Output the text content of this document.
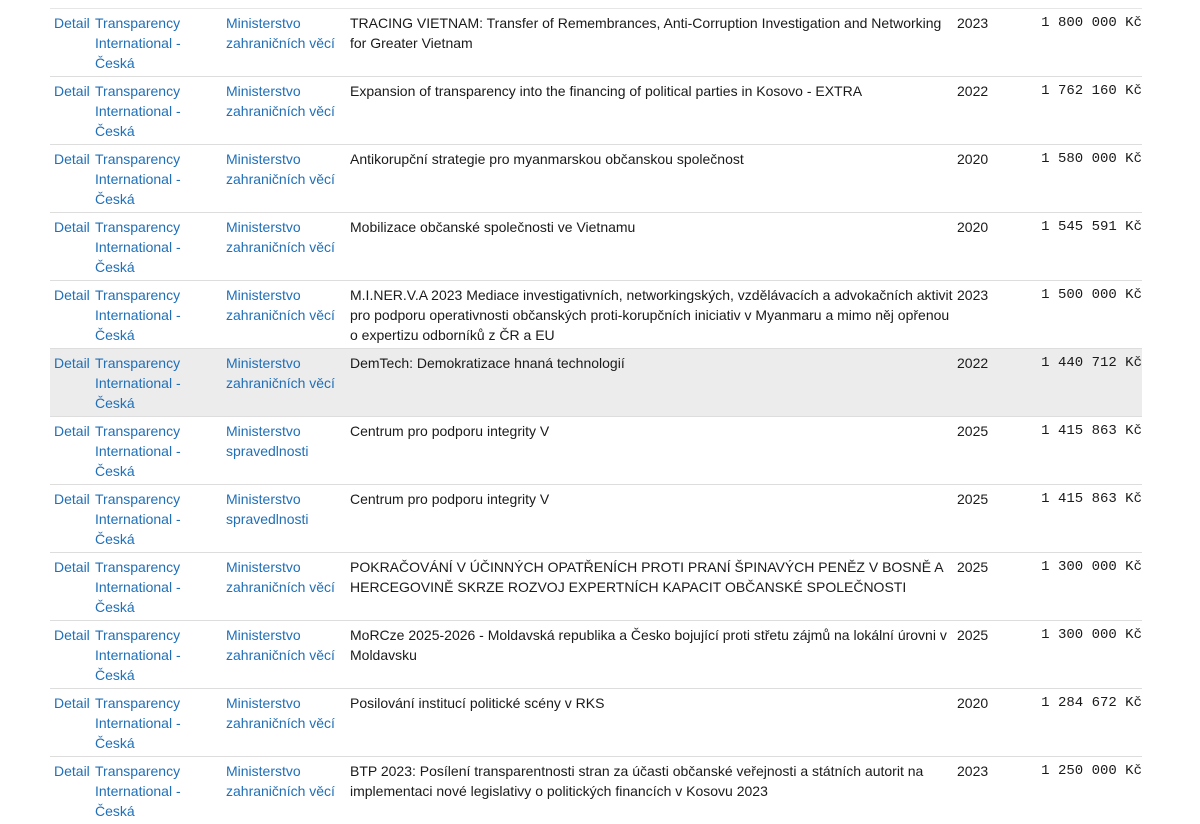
Detail	Transparency International - Česká	Ministerstvo zahraničních věcí	TRACING VIETNAM: Transfer of Remembrances, Anti-Corruption Investigation and Networking for Greater Vietnam	2023	1 800 000 Kč
Detail	Transparency International - Česká	Ministerstvo zahraničních věcí	Expansion of transparency into the financing of political parties in Kosovo - EXTRA	2022	1 762 160 Kč
Detail	Transparency International - Česká	Ministerstvo zahraničních věcí	Antikorupční strategie pro myanmarskou občanskou společnost	2020	1 580 000 Kč
Detail	Transparency International - Česká	Ministerstvo zahraničních věcí	Mobilizace občanské společnosti ve Vietnamu	2020	1 545 591 Kč
Detail	Transparency International - Česká	Ministerstvo zahraničních věcí	M.I.NER.V.A 2023 Mediace investigativních, networkingských, vzdělávacích a advokačních aktivit pro podporu operativnosti občanských proti-korupčních iniciativ v Myanmaru a mimo něj opřenou o expertizu odborníků z ČR a EU	2023	1 500 000 Kč
Detail	Transparency International - Česká	Ministerstvo zahraničních věcí	DemTech: Demokratizace hnaná technologií	2022	1 440 712 Kč
Detail	Transparency International - Česká	Ministerstvo spravedlnosti	Centrum pro podporu integrity V	2025	1 415 863 Kč
Detail	Transparency International - Česká	Ministerstvo spravedlnosti	Centrum pro podporu integrity V	2025	1 415 863 Kč
Detail	Transparency International - Česká	Ministerstvo zahraničních věcí	POKRAČOVÁNÍ V ÚČINNÝCH OPATŘENÍCH PROTI PRANÍ ŠPINAVÝCH PENĚZ V BOSNĚ A HERCEGOVINĚ SKRZE ROZVOJ EXPERTNÍCH KAPACIT OBČANSKÉ SPOLEČNOSTI	2025	1 300 000 Kč
Detail	Transparency International - Česká	Ministerstvo zahraničních věcí	MoRCze 2025-2026 - Moldavská republika a Česko bojující proti střetu zájmů na lokální úrovni v Moldavsku	2025	1 300 000 Kč
Detail	Transparency International - Česká	Ministerstvo zahraničních věcí	Posilování institucí politické scény v RKS	2020	1 284 672 Kč
Detail	Transparency International - Česká	Ministerstvo zahraničních věcí	BTP 2023: Posílení transparentnosti stran za účasti občanské veřejnosti a státních autorit na implementaci nové legislativy o politických financích v Kosovu 2023	2023	1 250 000 Kč
